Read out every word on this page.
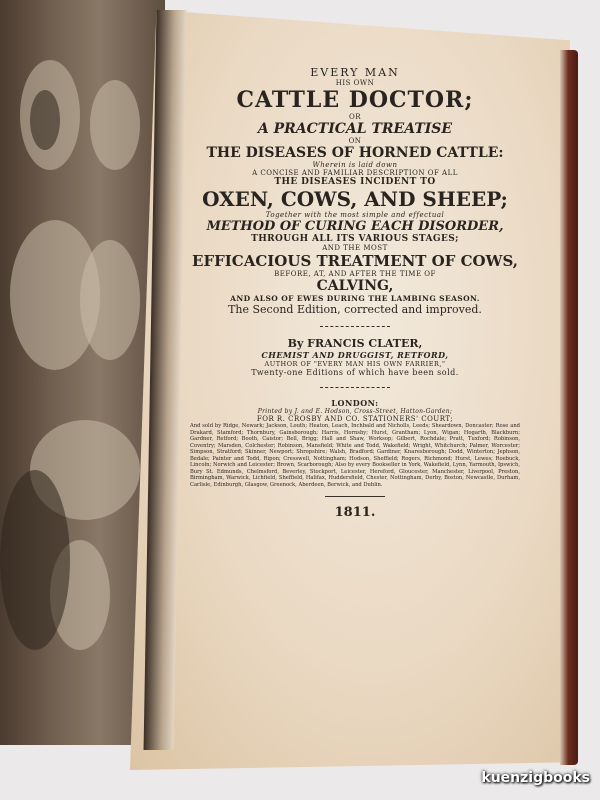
EVERY MAN
HIS OWN
CATTLE DOCTOR;
OR
A PRACTICAL TREATISE
ON
THE DISEASES OF HORNED CATTLE:
Wherein is laid down
A CONCISE AND FAMILIAR DESCRIPTION OF ALL
THE DISEASES INCIDENT TO
OXEN, COWS, AND SHEEP;
Together with the most simple and effectual
METHOD OF CURING EACH DISORDER,
THROUGH ALL ITS VARIOUS STAGES;
AND THE MOST
EFFICACIOUS TREATMENT OF COWS,
BEFORE, AT, AND AFTER THE TIME OF
CALVING,
AND ALSO OF EWES DURING THE LAMBING SEASON.
The Second Edition, corrected and improved.
By FRANCIS CLATER,
CHEMIST AND DRUGGIST, RETFORD,
AUTHOR OF "EVERY MAN HIS OWN FARRIER,"
Twenty-one Editions of which have been sold.
LONDON:
Printed by J. and E. Hodson, Cross-Street, Hatton-Garden;
FOR R. CROSBY AND CO. STATIONERS' COURT;
And sold by Ridge, Newark; Jackson, Louth; Heaton, Leach, Inchbald and Nicholls, Leeds; Sheardown, Doncaster; Rose and Drakard, Stamford; Thornbury, Gainsborough; Harris, Hornsby; Hurst, Grantham; Lyon, Wigan; Hogarth, Blackburn; Gardner, Retford; Booth, Caistor; Bell, Brigg; Hall and Shaw, Worksop; Gilbert, Rochdale; Pratt, Tuxford; Robinson, Coventry; Marsden, Colchester; Robinson, Mansfield; White and Todd, Wakefield; Wright, Whitchurch; Palmer, Worcester; Simpson, Stratford; Skinner, Newport; Shropshire; Walsh, Bradford; Gardiner, Knaresborough; Dodd, Winterton; Jephson, Bedale; Painter and Todd, Ripon; Cresswell, Nottingham; Hodson, Sheffield; Rogers, Richmond; Hurst, Lewes; Roebuck, Lincoln; Norwich and Leicester; Brown, Scarborough; Also by every Bookseller in York, Wakefield, Lynn, Yarmouth, Ipswich, Bury St. Edmunds, Chelmsford, Beverley, Stockport, Leicester, Hereford, Gloucester, Manchester, Liverpool, Preston, Birmingham, Warwick, Lichfield, Sheffield, Halifax, Huddersfield, Chester, Nottingham, Derby, Boston, Newcastle, Durham, Carlisle, Edinburgh, Glasgow, Greenock, Aberdeen, Berwick, and Dublin.
1811.
kuenzigbooks
